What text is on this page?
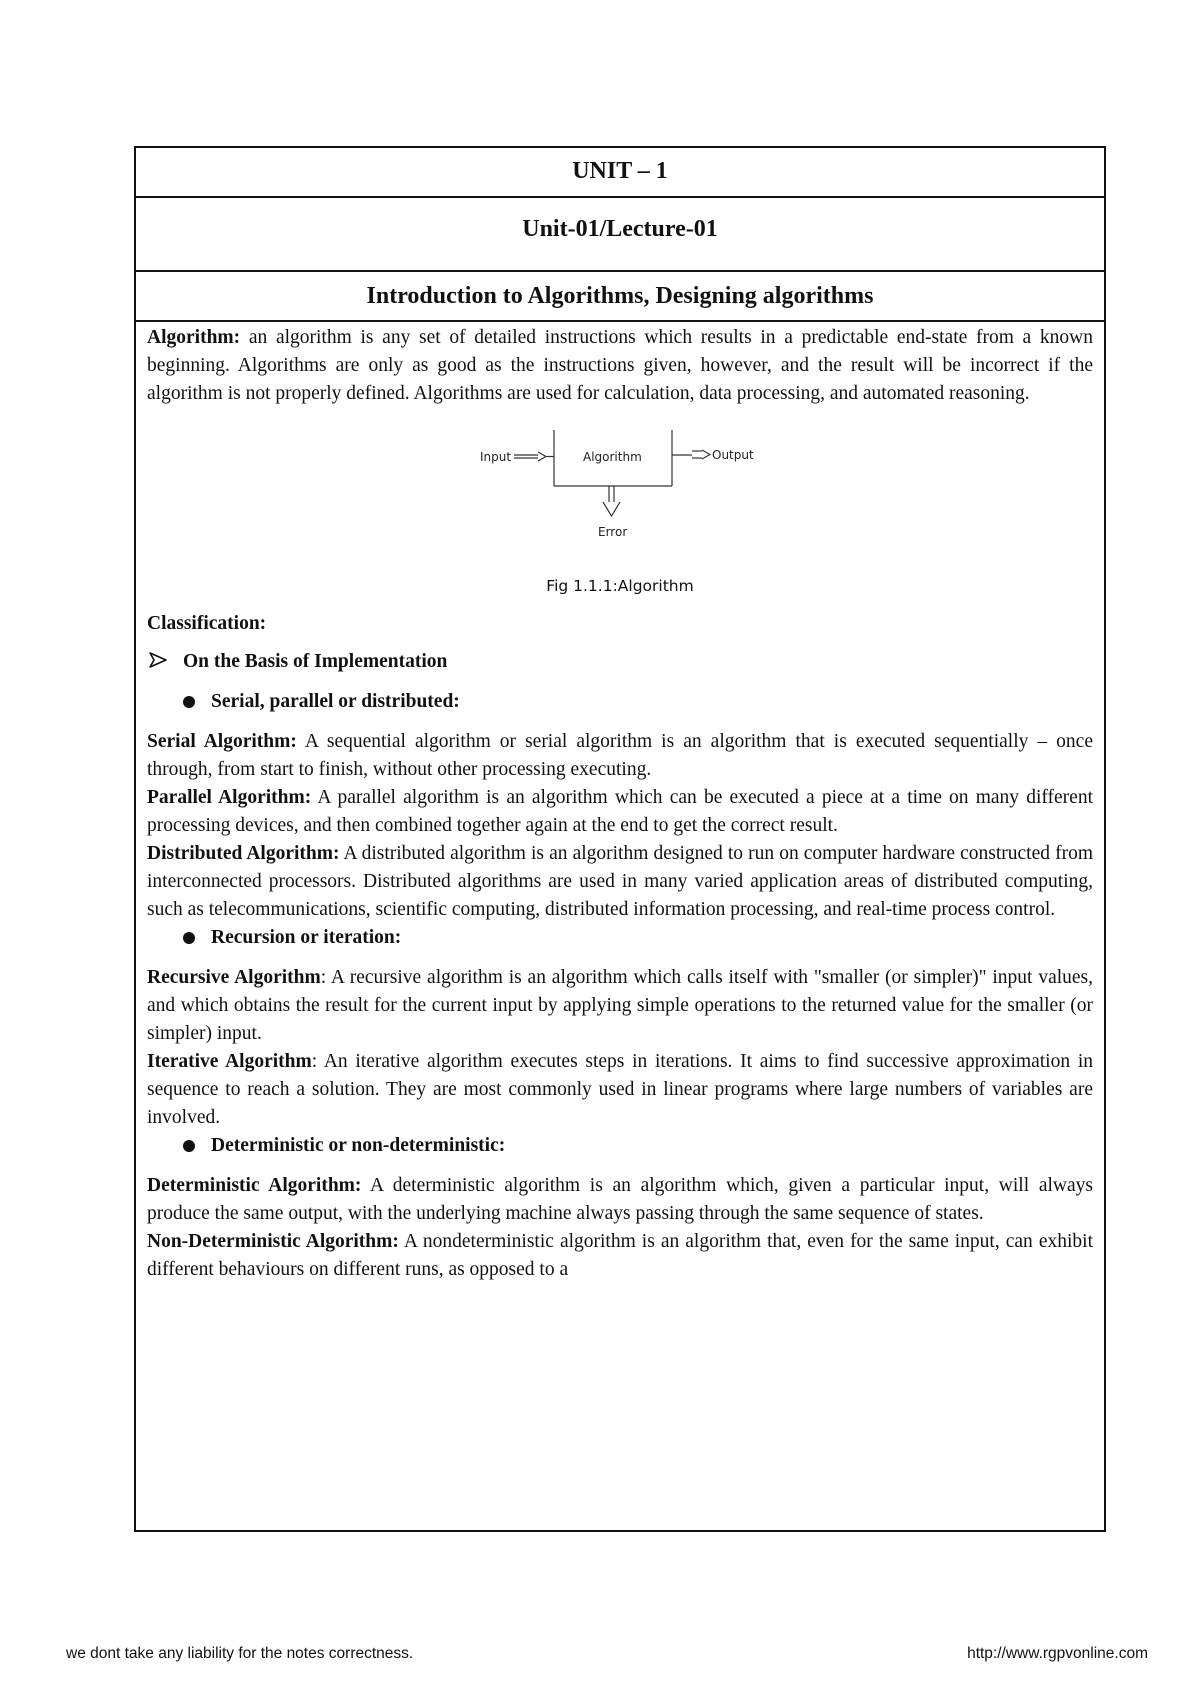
UNIT – 1
Unit-01/Lecture-01
Introduction to Algorithms, Designing algorithms

Algorithm: an algorithm is any set of detailed instructions which results in a predictable end-state from a known beginning. Algorithms are only as good as the instructions given, however, and the result will be incorrect if the algorithm is not properly defined. Algorithms are used for calculation, data processing, and automated reasoning.

Input	Algorithm	Output
Error
Fig 1.1.1:Algorithm
Classification:
On the Basis of Implementation
Serial, parallel or distributed:

Serial Algorithm: A sequential algorithm or serial algorithm is an algorithm that is executed sequentially – once through, from start to finish, without other processing executing.

Parallel Algorithm: A parallel algorithm is an algorithm which can be executed a piece at a time on many different processing devices, and then combined together again at the end to get the correct result.

Distributed Algorithm: A distributed algorithm is an algorithm designed to run on computer hardware constructed from interconnected processors. Distributed algorithms are used in many varied application areas of distributed computing, such as telecommunications, scientific computing, distributed information processing, and real-time process control.

Recursion or iteration:

Recursive Algorithm: A recursive algorithm is an algorithm which calls itself with "smaller (or simpler)" input values, and which obtains the result for the current input by applying simple operations to the returned value for the smaller (or simpler) input.

Iterative Algorithm: An iterative algorithm executes steps in iterations. It aims to find successive approximation in sequence to reach a solution. They are most commonly used in linear programs where large numbers of variables are involved.

Deterministic or non-deterministic:

Deterministic Algorithm: A deterministic algorithm is an algorithm which, given a particular input, will always produce the same output, with the underlying machine always passing through the same sequence of states.

Non-Deterministic Algorithm: A nondeterministic algorithm is an algorithm that, even for the same input, can exhibit different behaviours on different runs, as opposed to a

we dont take any liability for the notes correctness.	http://www.rgpvonline.com
